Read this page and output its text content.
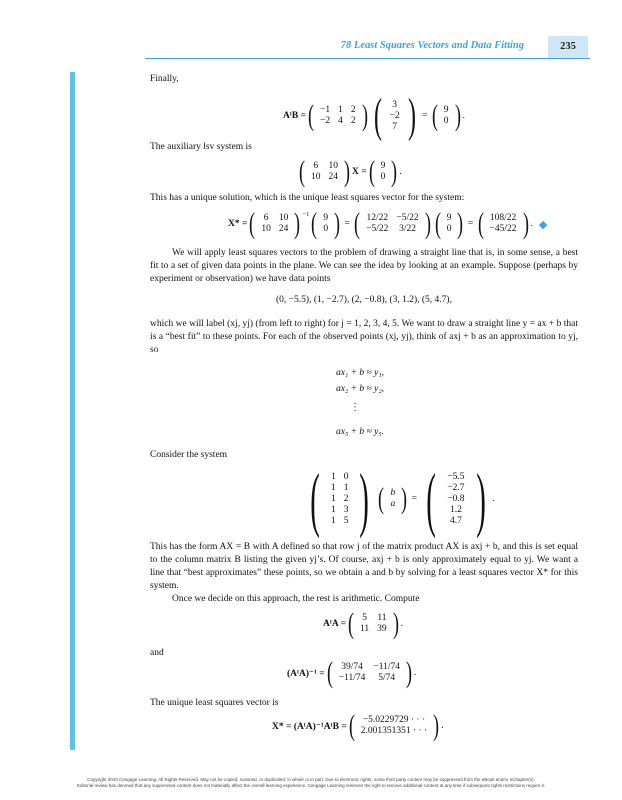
78 Least Squares Vectors and Data Fitting	235
Finally,
AᵗB = ( −1	1	2
−2	4	2 ) ( 3
−2
7 ) = ( 9
0 ) .
The auxiliary lsv system is
( 6	10
10	24 ) X = ( 9
0 ) .
This has a unique solution, which is the unique least squares vector for the system:
X* = ( 6	10
10	24 ) $^{-1}$ ( 9
0 ) = ( 12/22	−5/22
−5/22	3/22 ) ( 9
0 ) = ( 108/22
−45/22 ) . ◆
We will apply least squares vectors to the problem of drawing a straight line that is, in some sense, a best fit to a set of given data points in the plane. We can see the idea by looking at an example. Suppose (perhaps by experiment or observation) we have data points
(0, −5.5), (1, −2.7), (2, −0.8), (3, 1.2), (5, 4.7),
which we will label (xj, yj) (from left to right) for j = 1, 2, 3, 4, 5. We want to draw a straight line y = ax + b that is a “best fit” to these points. For each of the observed points (xj, yj), think of axj + b as an approximation to yj, so
ax₁ + b ≈ y₁,
ax₂ + b ≈ y₂,
⋮
ax₅ + b ≈ y₅.
Consider the system
( 1	0
1	1
1	2
1	3
1	5 ) ( b
a ) = ( −5.5
−2.7
−0.8
1.2
4.7 ) .
This has the form AX = B with A defined so that row j of the matrix product AX is axj + b, and this is set equal to the column matrix B listing the given yj’s. Of course, axj + b is only approximately equal to yj. We want a line that “best approximates” these points, so we obtain a and b by solving for a least squares vector X* for this system.
Once we decide on this approach, the rest is arithmetic. Compute
AᵗA = ( 5	11
11	39 ) .
and
(AᵗA)⁻¹ = ( 39/74	−11/74
−11/74	5/74 ) .
The unique least squares vector is
X* = (AᵗA)⁻¹AᵗB = ( −5.0229729 · · ·
2.001351351 · · · ) .
Copyright 2010 Cengage Learning. All Rights Reserved. May not be copied, scanned, or duplicated, in whole or in part. Due to electronic rights, some third party content may be suppressed from the eBook and/or eChapter(s).
Editorial review has deemed that any suppressed content does not materially affect the overall learning experience. Cengage Learning reserves the right to remove additional content at any time if subsequent rights restrictions require it.
